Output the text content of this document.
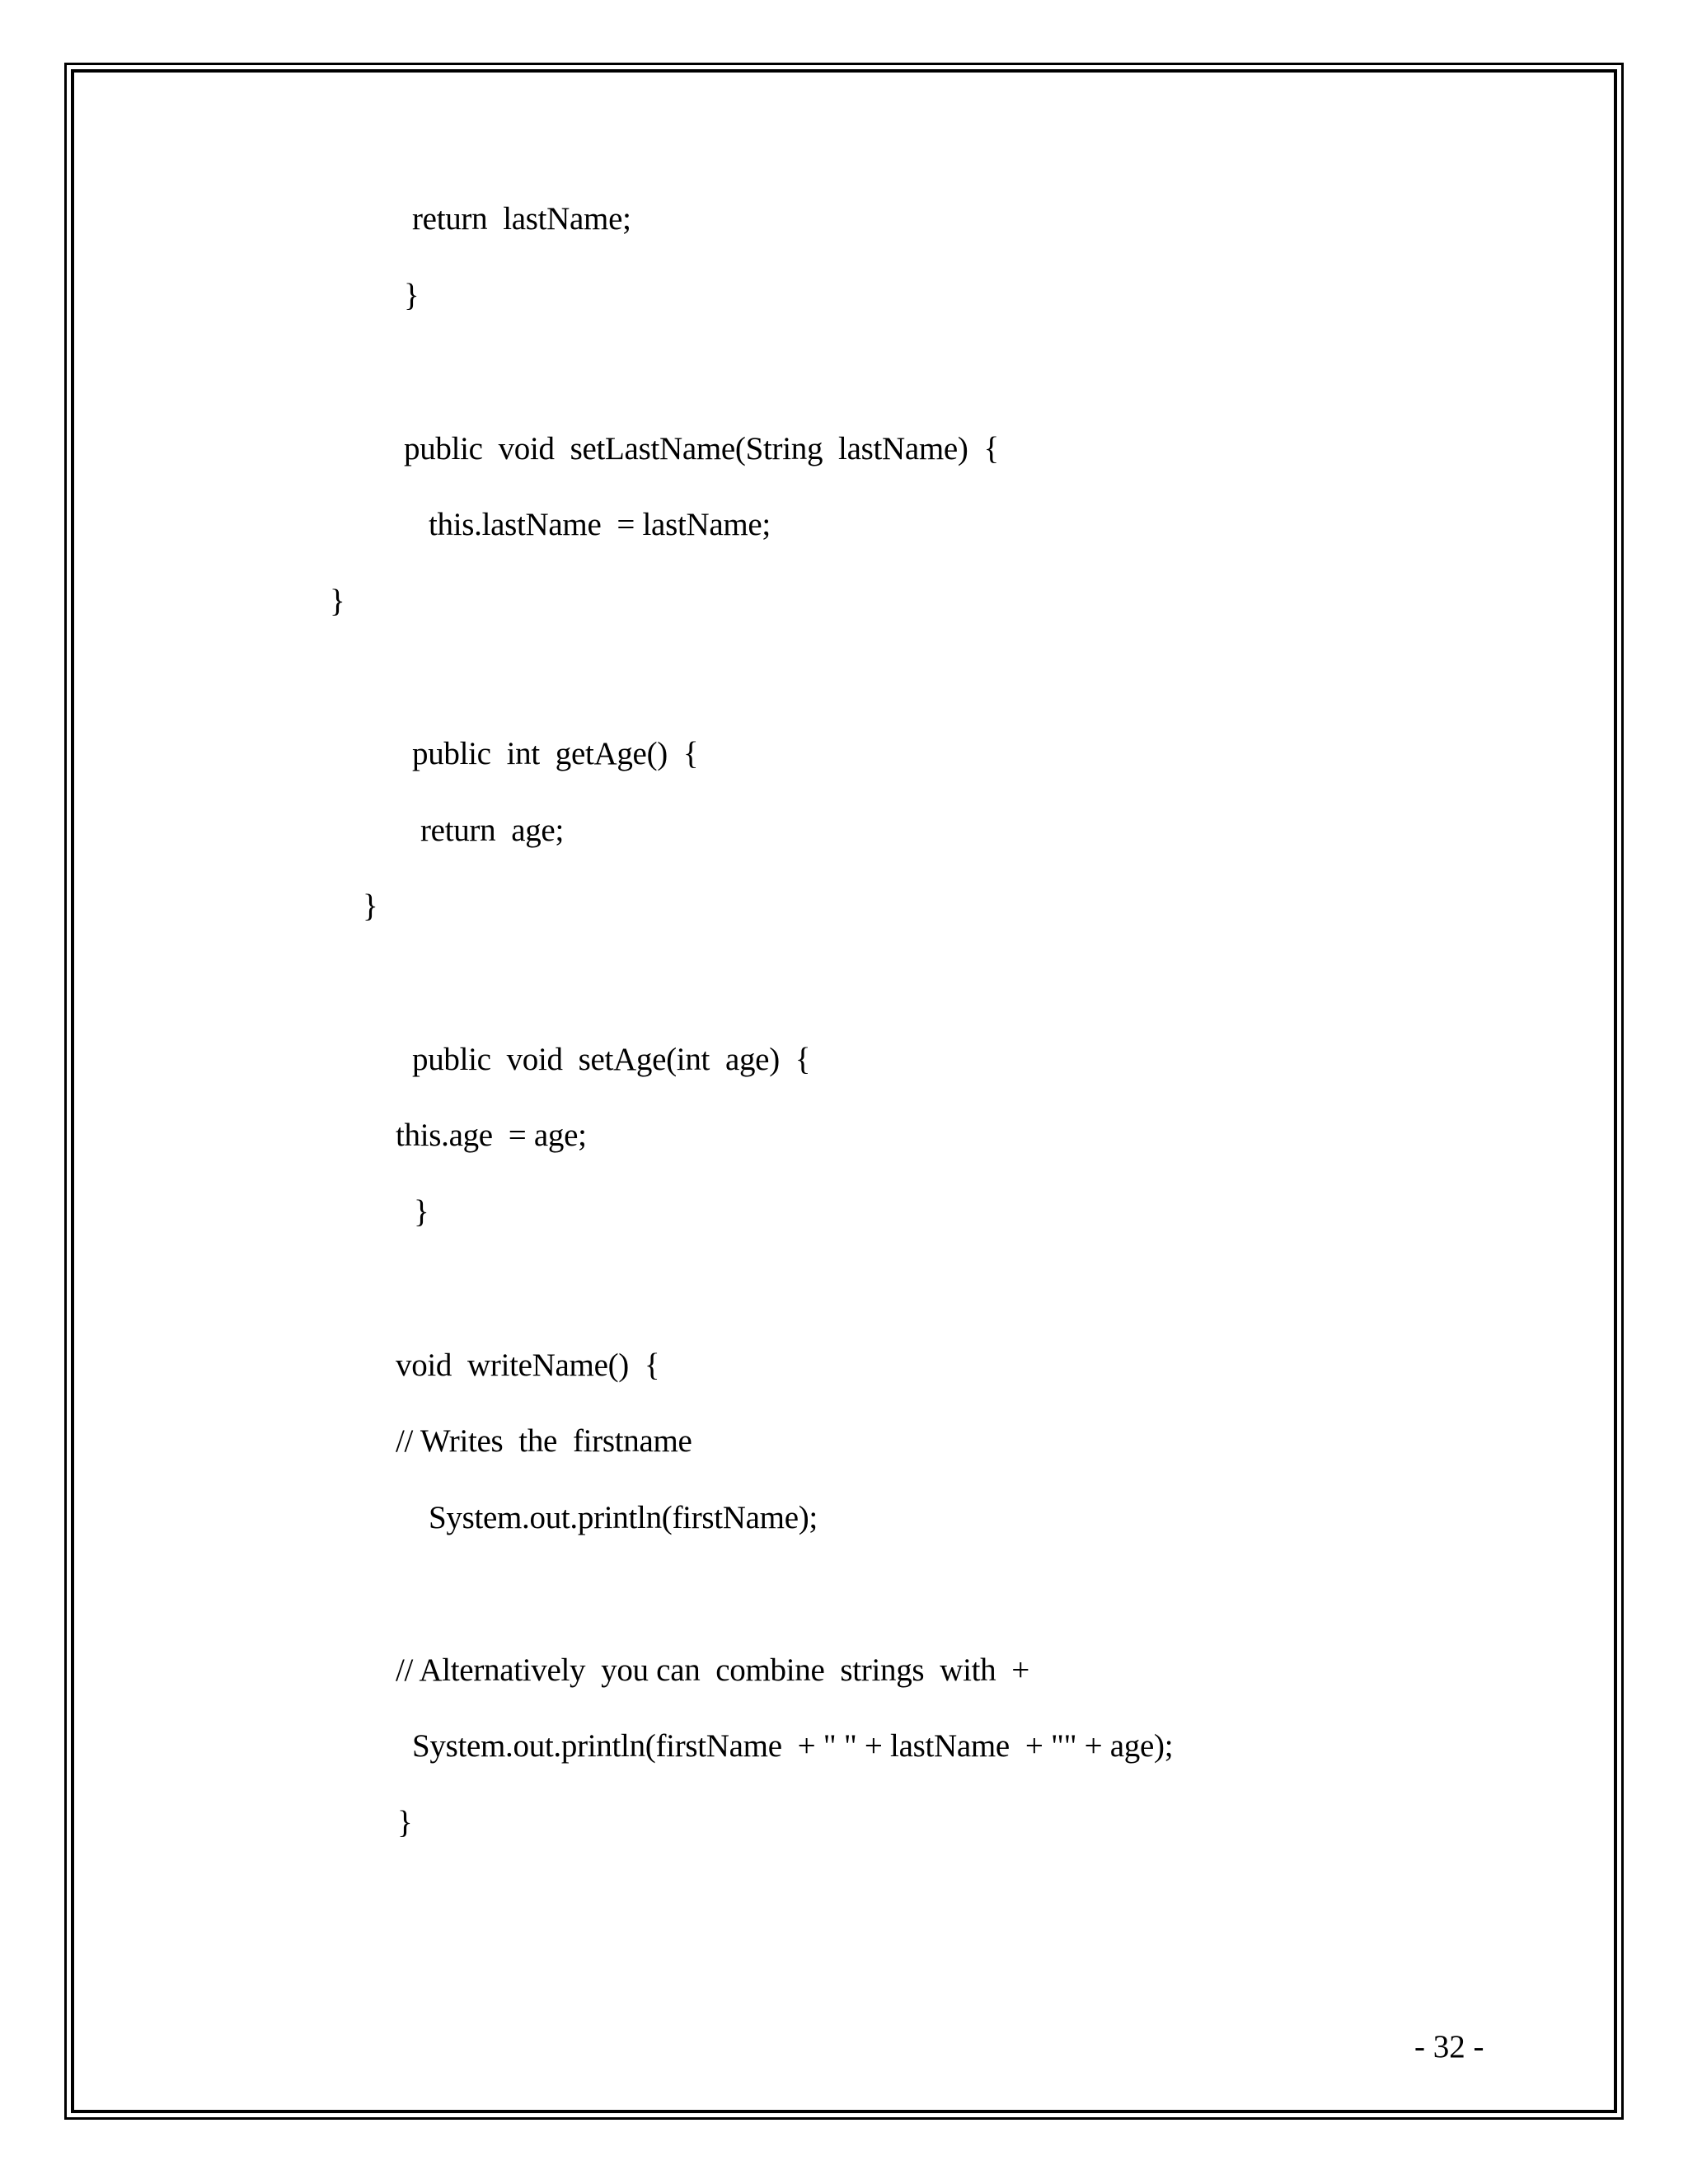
return  lastName;
}
public  void  setLastName(String  lastName)  {
this.lastName  = lastName;
}
public  int  getAge()  {
return  age;
}
public  void  setAge(int  age)  {
this.age  = age;
}
void  writeName()  {
// Writes  the  firstname
System.out.println(firstName);
// Alternatively  you can  combine  strings  with  +
System.out.println(firstName  + " " + lastName  + "" + age);
}
- 32 -
